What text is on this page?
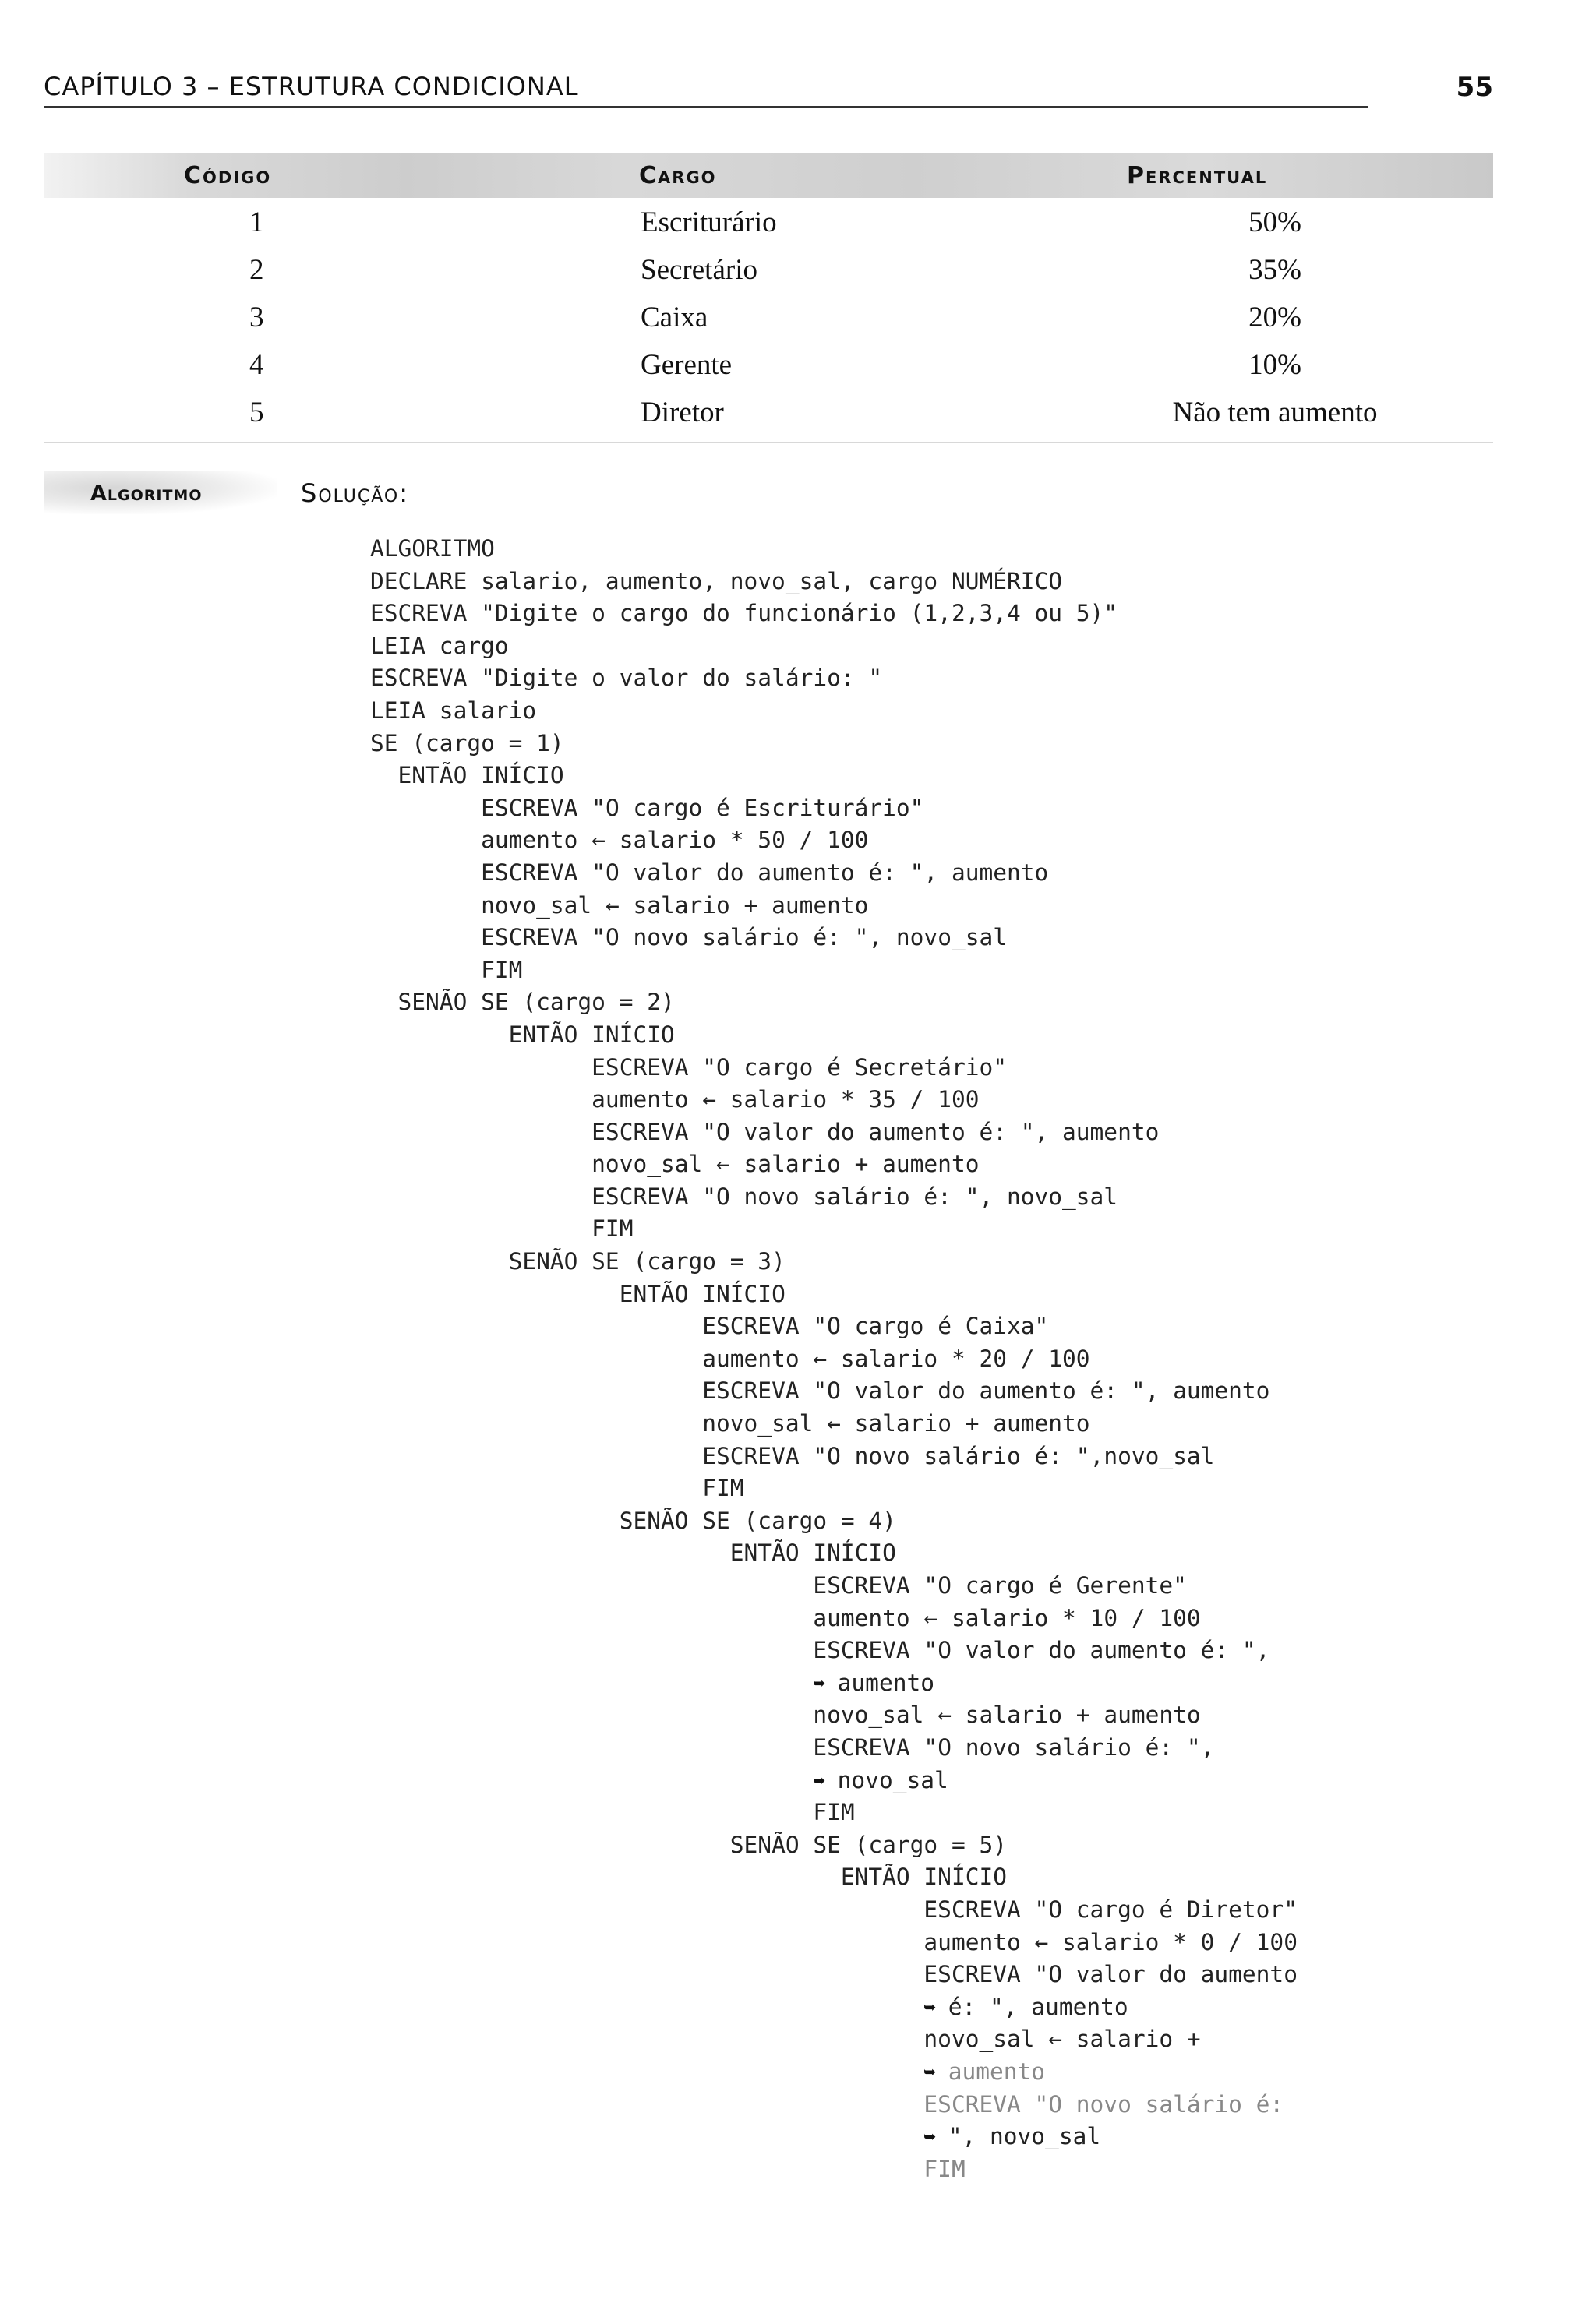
CAPÍTULO 3 – ESTRUTURA CONDICIONAL	55
Código	Cargo	Percentual
1	Escriturário	50%
2	Secretário	35%
3	Caixa	20%
4	Gerente	10%
5	Diretor	Não tem aumento
Algoritmo	Solução:
ALGORITMO
DECLARE salario, aumento, novo_sal, cargo NUMÉRICO
ESCREVA "Digite o cargo do funcionário (1,2,3,4 ou 5)"
LEIA cargo
ESCREVA "Digite o valor do salário: "
LEIA salario
SE (cargo = 1)
ENTÃO INÍCIO
ESCREVA "O cargo é Escriturário"
aumento ← salario * 50 / 100
ESCREVA "O valor do aumento é: ", aumento
novo_sal ← salario + aumento
ESCREVA "O novo salário é: ", novo_sal
FIM
SENÃO SE (cargo = 2)
ENTÃO INÍCIO
ESCREVA "O cargo é Secretário"
aumento ← salario * 35 / 100
ESCREVA "O valor do aumento é: ", aumento
novo_sal ← salario + aumento
ESCREVA "O novo salário é: ", novo_sal
FIM
SENÃO SE (cargo = 3)
ENTÃO INÍCIO
ESCREVA "O cargo é Caixa"
aumento ← salario * 20 / 100
ESCREVA "O valor do aumento é: ", aumento
novo_sal ← salario + aumento
ESCREVA "O novo salário é: ",novo_sal
FIM
SENÃO SE (cargo = 4)
ENTÃO INÍCIO
ESCREVA "O cargo é Gerente"
aumento ← salario * 10 / 100
ESCREVA "O valor do aumento é: ",
➥ aumento
novo_sal ← salario + aumento
ESCREVA "O novo salário é: ",
➥ novo_sal
FIM
SENÃO SE (cargo = 5)
ENTÃO INÍCIO
ESCREVA "O cargo é Diretor"
aumento ← salario * 0 / 100
ESCREVA "O valor do aumento
➥ é: ", aumento
novo_sal ← salario +
➥ aumento
ESCREVA "O novo salário é:
➥ ", novo_sal
FIM
